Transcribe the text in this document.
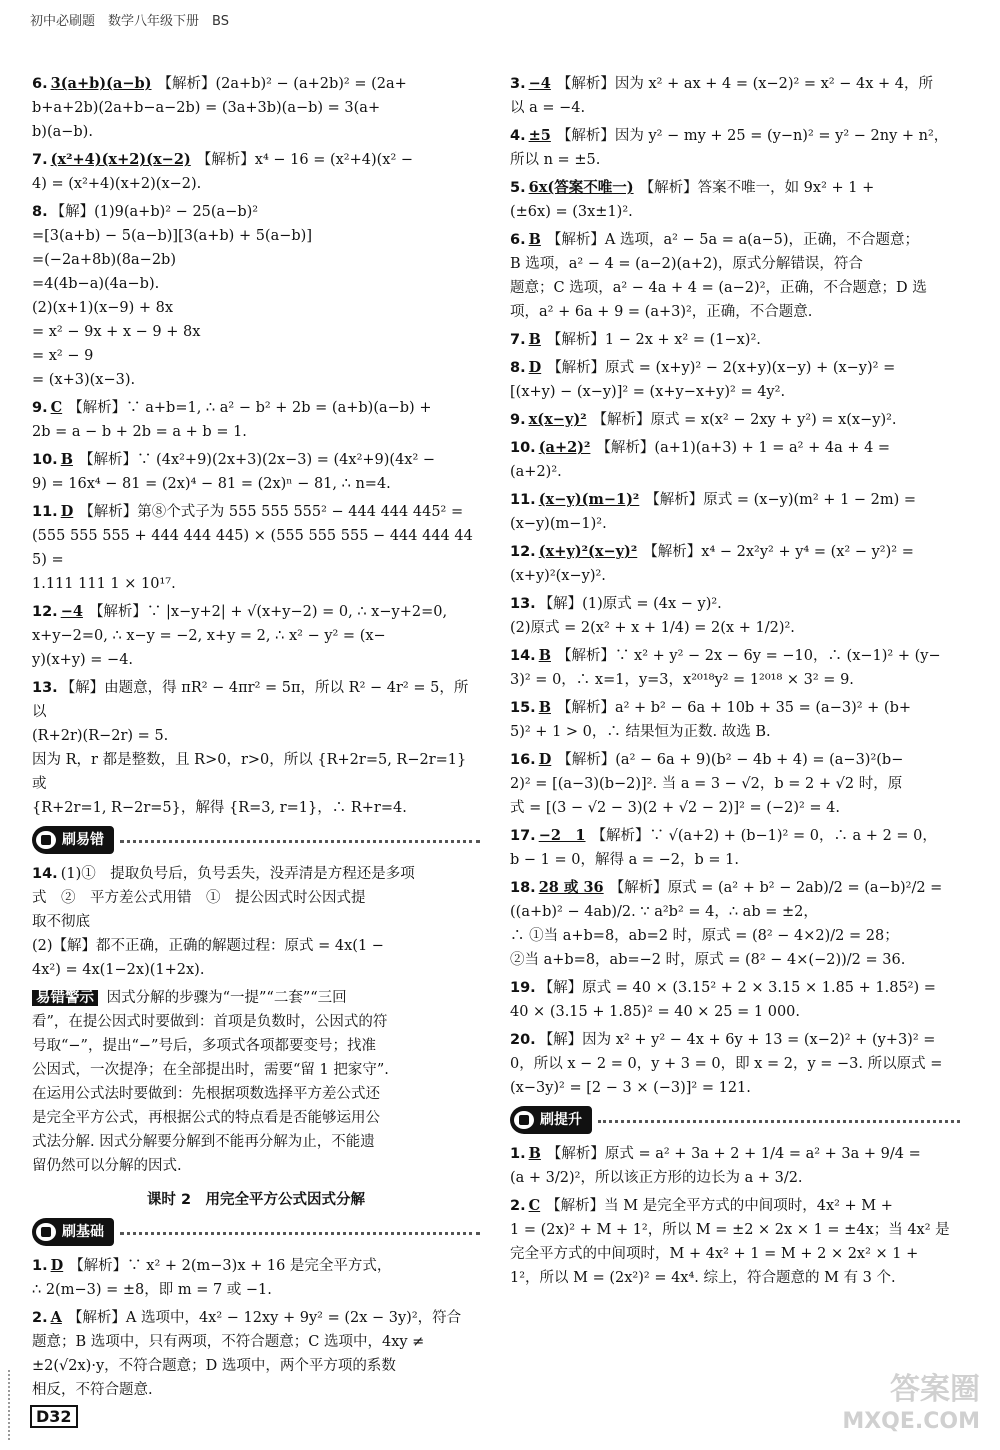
初中必刷题　数学八年级下册　BS
6. 3(a+b)(a−b) 【解析】(2a+b)² − (a+2b)² = (2a+
b+a+2b)(2a+b−a−2b) = (3a+3b)(a−b) = 3(a+
b)(a−b).
7. (x²+4)(x+2)(x−2) 【解析】x⁴ − 16 = (x²+4)(x² −
4) = (x²+4)(x+2)(x−2).
8. 【解】(1)9(a+b)² − 25(a−b)²
=[3(a+b) − 5(a−b)][3(a+b) + 5(a−b)]
=(−2a+8b)(8a−2b)
=4(4b−a)(4a−b).
(2)(x+1)(x−9) + 8x
= x² − 9x + x − 9 + 8x
= x² − 9
= (x+3)(x−3).
9. C 【解析】∵ a+b=1, ∴ a² − b² + 2b = (a+b)(a−b) +
2b = a − b + 2b = a + b = 1.
10. B 【解析】∵ (4x²+9)(2x+3)(2x−3) = (4x²+9)(4x² −
9) = 16x⁴ − 81 = (2x)⁴ − 81 = (2x)ⁿ − 81, ∴ n=4.
11. D 【解析】第⑧个式子为 555 555 555² − 444 444 445² =
(555 555 555 + 444 444 445) × (555 555 555 − 444 444 445) =
1.111 111 1 × 10¹⁷.
12. −4 【解析】∵ |x−y+2| + √(x+y−2) = 0, ∴ x−y+2=0,
x+y−2=0, ∴ x−y = −2, x+y = 2, ∴ x² − y² = (x−
y)(x+y) = −4.
13. 【解】由题意，得 πR² − 4πr² = 5π，所以 R² − 4r² = 5，所以
(R+2r)(R−2r) = 5.
因为 R，r 都是整数，且 R>0，r>0，所以 {R+2r=5, R−2r=1} 或
{R+2r=1, R−2r=5}，解得 {R=3, r=1}，∴ R+r=4.
刷易错
14. (1)①　提取负号后，负号丢失，没弄清是方程还是多项
式　②　平方差公式用错　①　提公因式时公因式提
取不彻底
(2)【解】都不正确，正确的解题过程：原式 = 4x(1 −
4x²) = 4x(1−2x)(1+2x).
易错警示 因式分解的步骤为“一提”“二套”“三回
看”，在提公因式时要做到：首项是负数时，公因式的符
号取“−”，提出“−”号后，多项式各项都要变号；找准
公因式，一次提净；在全部提出时，需要“留 1 把家守”.
在运用公式法时要做到：先根据项数选择平方差公式还
是完全平方公式，再根据公式的特点看是否能够运用公
式法分解. 因式分解要分解到不能再分解为止，不能遗
留仍然可以分解的因式.
课时 2　用完全平方公式因式分解
刷基础
1. D 【解析】∵ x² + 2(m−3)x + 16 是完全平方式，
∴ 2(m−3) = ±8，即 m = 7 或 −1.
2. A 【解析】A 选项中，4x² − 12xy + 9y² = (2x − 3y)²，符合
题意；B 选项中，只有两项，不符合题意；C 选项中，4xy ≠
±2(√2x)·y，不符合题意；D 选项中，两个平方项的系数
相反，不符合题意.
3. −4 【解析】因为 x² + ax + 4 = (x−2)² = x² − 4x + 4，所
以 a = −4.
4. ±5 【解析】因为 y² − my + 25 = (y−n)² = y² − 2ny + n²，
所以 n = ±5.
5. 6x(答案不唯一) 【解析】答案不唯一，如 9x² + 1 +
(±6x) = (3x±1)².
6. B 【解析】A 选项，a² − 5a = a(a−5)，正确，不合题意；
B 选项，a² − 4 = (a−2)(a+2)，原式分解错误，符合
题意；C 选项，a² − 4a + 4 = (a−2)²，正确，不合题意；D 选
项，a² + 6a + 9 = (a+3)²，正确，不合题意.
7. B 【解析】1 − 2x + x² = (1−x)².
8. D 【解析】原式 = (x+y)² − 2(x+y)(x−y) + (x−y)² =
[(x+y) − (x−y)]² = (x+y−x+y)² = 4y².
9. x(x−y)² 【解析】原式 = x(x² − 2xy + y²) = x(x−y)².
10. (a+2)² 【解析】(a+1)(a+3) + 1 = a² + 4a + 4 =
(a+2)².
11. (x−y)(m−1)² 【解析】原式 = (x−y)(m² + 1 − 2m) =
(x−y)(m−1)².
12. (x+y)²(x−y)² 【解析】x⁴ − 2x²y² + y⁴ = (x² − y²)² =
(x+y)²(x−y)².
13. 【解】(1)原式 = (4x − y)².
(2)原式 = 2(x² + x + 1/4) = 2(x + 1/2)².
14. B 【解析】∵ x² + y² − 2x − 6y = −10，∴ (x−1)² + (y−
3)² = 0，∴ x=1，y=3，x²⁰¹⁸y² = 1²⁰¹⁸ × 3² = 9.
15. B 【解析】a² + b² − 6a + 10b + 35 = (a−3)² + (b+
5)² + 1 > 0，∴ 结果恒为正数. 故选 B.
16. D 【解析】(a² − 6a + 9)(b² − 4b + 4) = (a−3)²(b−
2)² = [(a−3)(b−2)]². 当 a = 3 − √2，b = 2 + √2 时，原
式 = [(3 − √2 − 3)(2 + √2 − 2)]² = (−2)² = 4.
17. −2　1 【解析】∵ √(a+2) + (b−1)² = 0，∴ a + 2 = 0，
b − 1 = 0，解得 a = −2，b = 1.
18. 28 或 36 【解析】原式 = (a² + b² − 2ab)/2 = (a−b)²/2 =
((a+b)² − 4ab)/2. ∵ a²b² = 4，∴ ab = ±2，
∴ ①当 a+b=8，ab=2 时，原式 = (8² − 4×2)/2 = 28；
②当 a+b=8，ab=−2 时，原式 = (8² − 4×(−2))/2 = 36.
19. 【解】原式 = 40 × (3.15² + 2 × 3.15 × 1.85 + 1.85²) =
40 × (3.15 + 1.85)² = 40 × 25 = 1 000.
20. 【解】因为 x² + y² − 4x + 6y + 13 = (x−2)² + (y+3)² =
0，所以 x − 2 = 0，y + 3 = 0，即 x = 2，y = −3. 所以原式 =
(x−3y)² = [2 − 3 × (−3)]² = 121.
刷提升
1. B 【解析】原式 = a² + 3a + 2 + 1/4 = a² + 3a + 9/4 =
(a + 3/2)²，所以该正方形的边长为 a + 3/2.
2. C 【解析】当 M 是完全平方式的中间项时，4x² + M +
1 = (2x)² + M + 1²，所以 M = ±2 × 2x × 1 = ±4x；当 4x² 是
完全平方式的中间项时，M + 4x² + 1 = M + 2 × 2x² × 1 +
1²，所以 M = (2x²)² = 4x⁴. 综上，符合题意的 M 有 3 个.
D32
答案圈
MXQE.COM
